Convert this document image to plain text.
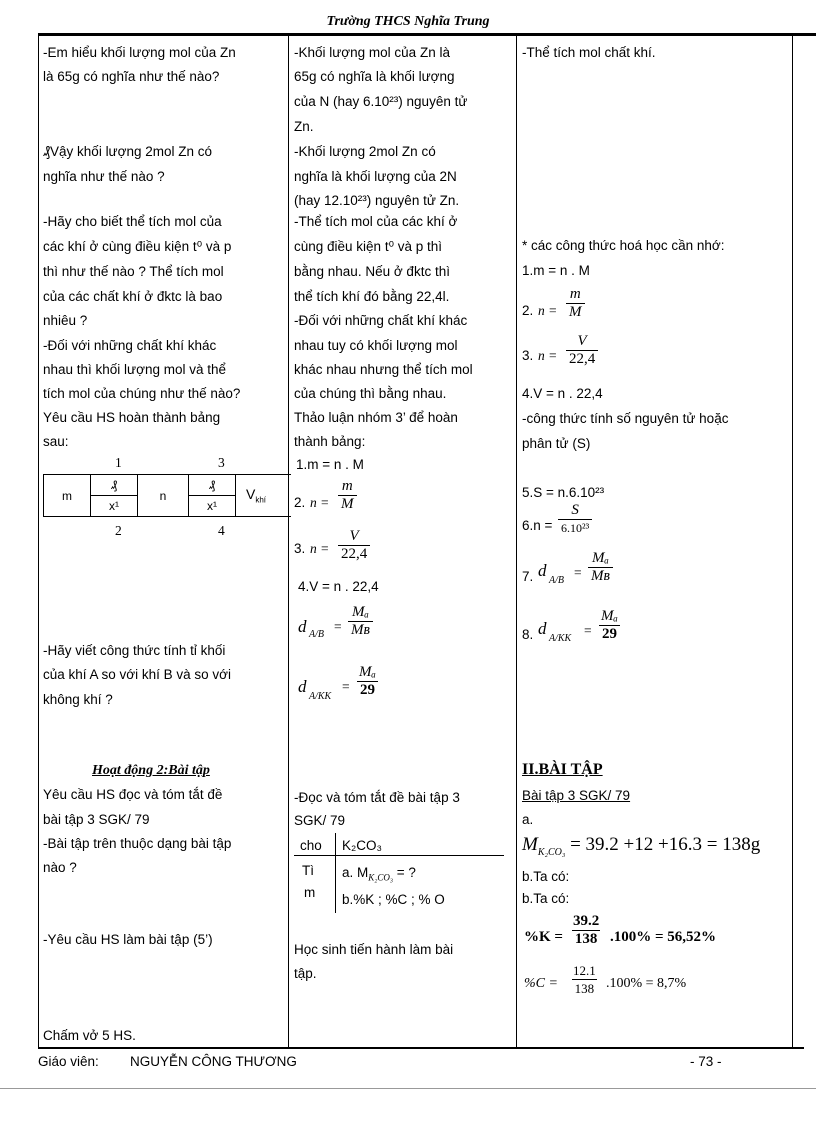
Trường THCS Nghĩa Trung
-Em hiểu khối lượng mol của Zn
là 65g có nghĩa như thế nào?
₰Vậy khối lượng 2mol Zn có
nghĩa như thế nào ?
-Hãy cho biết thể tích mol của
các khí ở cùng điều kiện t⁰ và p
thì như thế nào ? Thể tích mol
của các chất khí ở đktc là bao
nhiêu ?
-Đối với những chất khí khác
nhau thì khối lượng mol và thể
tích mol của chúng như thế nào?
Yêu cầu HS hoàn thành bảng
sau:
1	3
m	₰	n	₰	$V_{khí}$
	x¹		x¹	
2	4
-Hãy viết công thức tính tỉ khối
của khí A so với khí B và so với
không khí ?
Hoạt động 2:Bài tập
Yêu cầu HS đọc và tóm tắt đề
bài tập 3 SGK/ 79
-Bài tập trên thuộc dạng bài tập
nào ?
-Yêu cầu HS làm bài tập (5’)
Chấm vở 5 HS.
-Khối lượng mol của Zn là
65g có nghĩa là khối lượng
của N (hay 6.10²³) nguyên tử
Zn.
-Khối lượng 2mol Zn có
nghĩa là khối lượng của 2N
(hay 12.10²³) nguyên tử Zn.
-Thể tích mol của các khí ở
cùng điều kiện t⁰ và p thì
bằng nhau. Nếu ở đktc thì
thể tích khí đó bằng 22,4l.
-Đối với những chất khí khác
nhau tuy có khối lượng mol
khác nhau nhưng thể tích mol
của chúng thì bằng nhau.
Thảo luận nhóm 3’ để hoàn
thành bảng:
1.m = n . M
2. $n = \frac{m}{M}$
3. $n = \frac{V}{22,4}$
4.V = n . 22,4
d A/B
= $\frac{\text{Mₐ}}{\text{Mʙ}}$
d
A/KK
= $\frac{\text{Mₐ}}{29}$
-Đọc và tóm tắt đề bài tập 3
SGK/ 79
cho K₂CO₃
Tì
m
a. $M_{K_2CO_3}$ = ?
b.%K ; %C ; % O
Học sinh tiến hành làm bài
tập.
-Thể tích mol chất khí.
* các công thức hoá học cần nhớ:
1.m = n . M
2. $n = \frac{m}{M}$
3. $n = \frac{V}{22,4}$
4.V = n . 22,4
-công thức tính số nguyên tử hoặc
phân tử (S)
5.S = n.6.10²³
6.n =
S
6.10²³
7. d
A/B
= $\frac{\text{Mₐ}}{\text{Mʙ}}$
8. d
A/KK
= $\frac{\text{Mₐ}}{29}$
II.BÀI TẬP
Bài tập 3 SGK/ 79
a.
$M_{K_2CO_3} = 39.2 +12 +16.3 = 138g$
b.Ta có:
b.Ta có:
$\%K = \frac{39.2}{138} .100\% = 56,52\%$
$\%C = \frac{12.1}{138} .100\% = 8,7\%$
Giáo viên: NGUYỄN CÔNG THƯƠNG	- 73 -
